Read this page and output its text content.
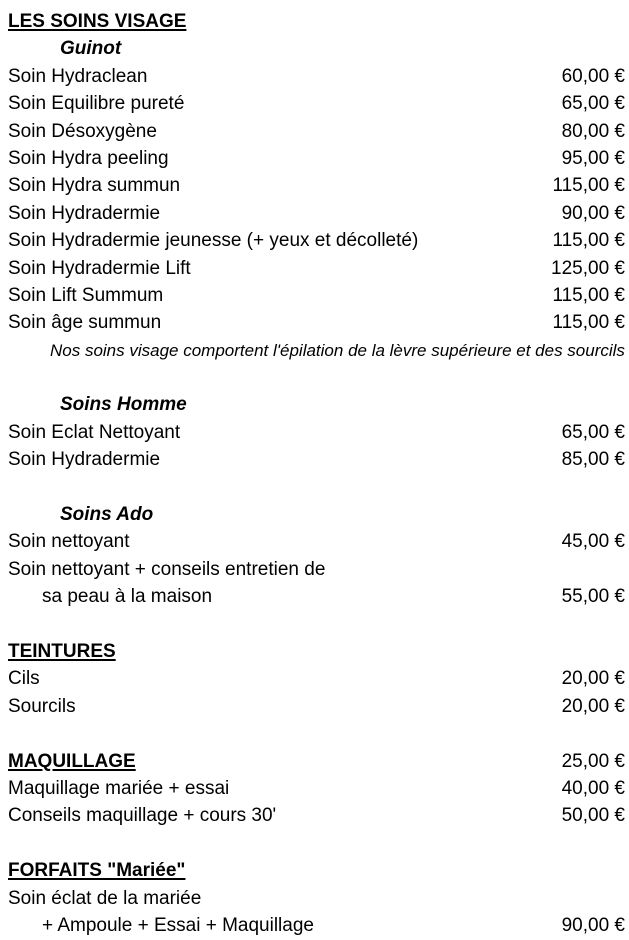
LES SOINS VISAGE
Guinot
Soin Hydraclean	60,00 €
Soin Equilibre pureté	65,00 €
Soin Désoxygène	80,00 €
Soin Hydra peeling	95,00 €
Soin Hydra summun	115,00 €
Soin Hydradermie	90,00 €
Soin Hydradermie jeunesse (+ yeux et décolleté)	115,00 €
Soin Hydradermie Lift	125,00 €
Soin Lift Summum	115,00 €
Soin âge summun	115,00 €
Nos soins visage comportent l'épilation de la lèvre supérieure et des sourcils
Soins Homme
Soin Eclat Nettoyant	65,00 €
Soin Hydradermie	85,00 €
Soins Ado
Soin nettoyant	45,00 €
Soin nettoyant + conseils entretien de
sa peau à la maison	55,00 €
TEINTURES
Cils	20,00 €
Sourcils	20,00 €
MAQUILLAGE	25,00 €
Maquillage mariée + essai	40,00 €
Conseils maquillage + cours 30'	50,00 €
FORFAITS "Mariée"
Soin éclat de la mariée
+ Ampoule + Essai + Maquillage	90,00 €
